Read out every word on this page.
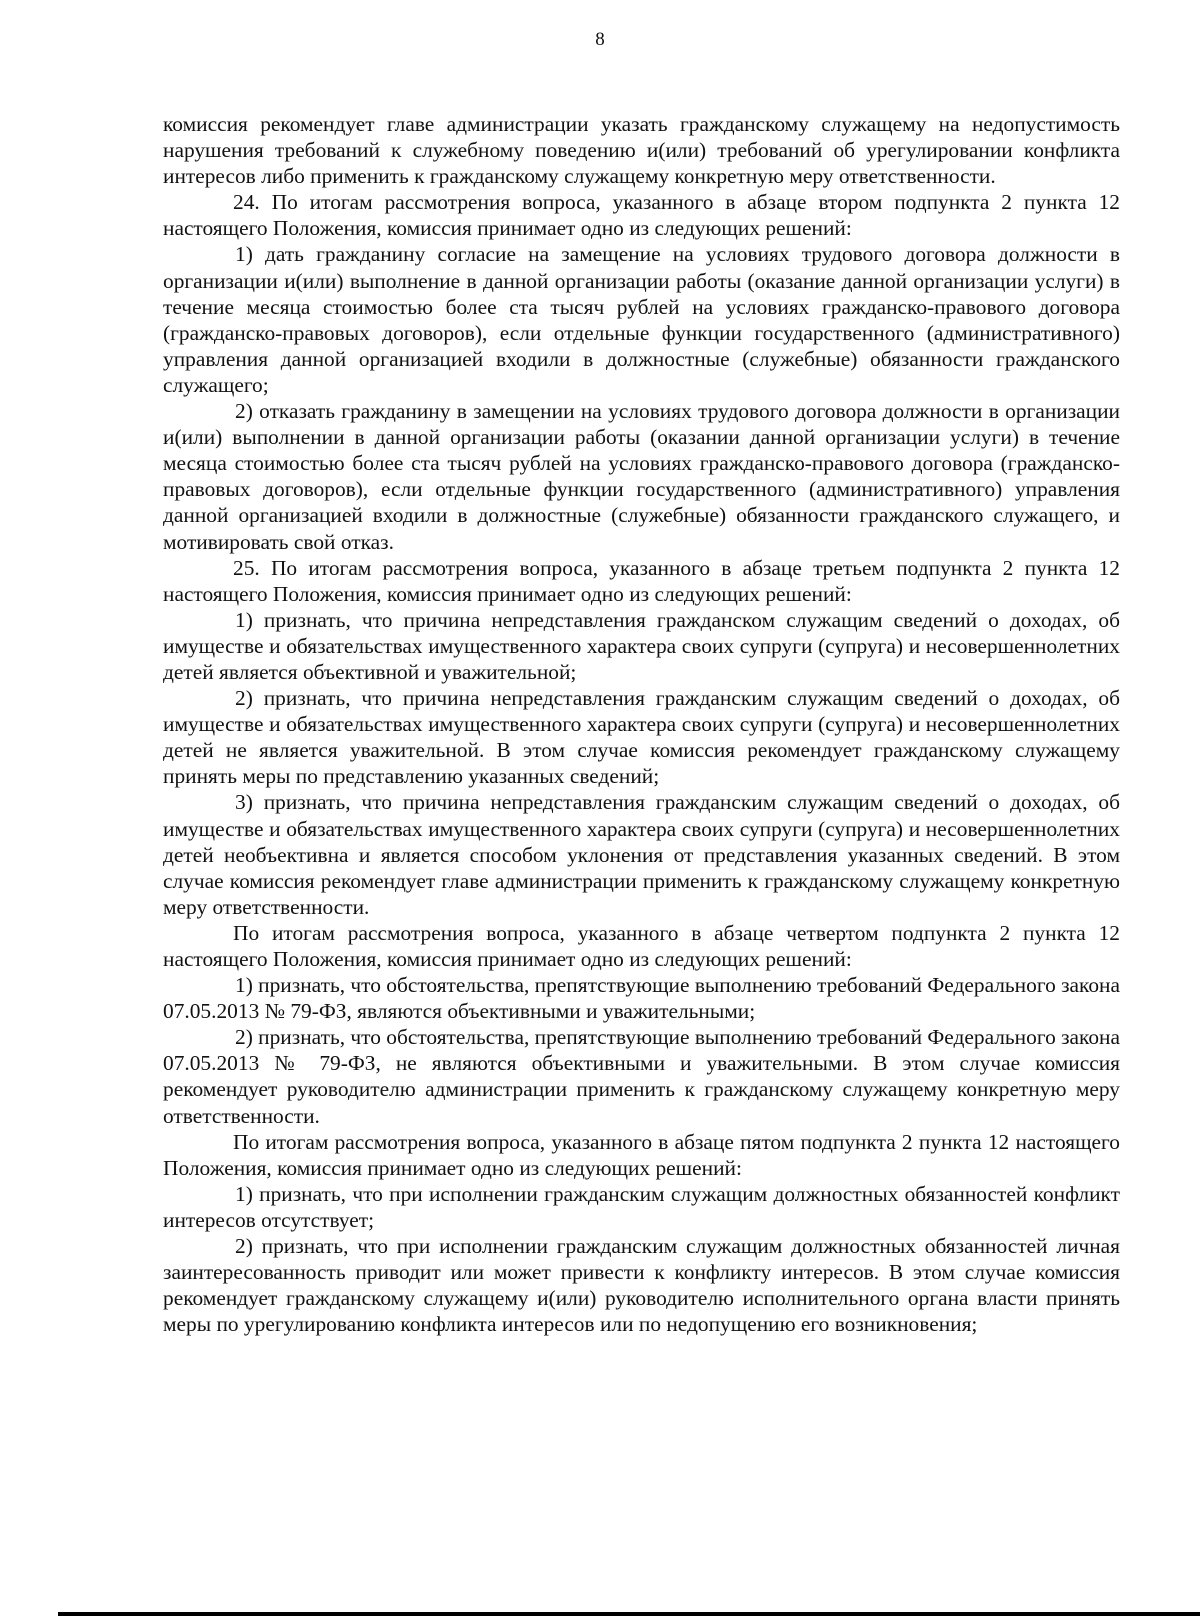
8

комиссия рекомендует главе администрации указать гражданскому служащему на недопустимость нарушения требований к служебному поведению и(или) требований об урегулировании конфликта интересов либо применить к гражданскому служащему конкретную меру ответственности.

24. По итогам рассмотрения вопроса, указанного в абзаце втором подпункта 2 пункта 12 настоящего Положения, комиссия принимает одно из следующих решений:

1) дать гражданину согласие на замещение на условиях трудового договора должности в организации и(или) выполнение в данной организации работы (оказание данной организации услуги) в течение месяца стоимостью более ста тысяч рублей на условиях гражданско-правового договора (гражданско-правовых договоров), если отдельные функции государственного (административного) управления данной организацией входили в должностные (служебные) обязанности гражданского служащего;

2) отказать гражданину в замещении на условиях трудового договора должности в организации и(или) выполнении в данной организации работы (оказании данной организации услуги) в течение месяца стоимостью более ста тысяч рублей на условиях гражданско-правового договора (гражданско-правовых договоров), если отдельные функции государственного (административного) управления данной организацией входили в должностные (служебные) обязанности гражданского служащего, и мотивировать свой отказ.

25. По итогам рассмотрения вопроса, указанного в абзаце третьем подпункта 2 пункта 12 настоящего Положения, комиссия принимает одно из следующих решений:

1) признать, что причина непредставления гражданском служащим сведений о доходах, об имуществе и обязательствах имущественного характера своих супруги (супруга) и несовершеннолетних детей является объективной и уважительной;

2) признать, что причина непредставления гражданским служащим сведений о доходах, об имуществе и обязательствах имущественного характера своих супруги (супруга) и несовершеннолетних детей не является уважительной. В этом случае комиссия рекомендует гражданскому служащему принять меры по представлению указанных сведений;

3) признать, что причина непредставления гражданским служащим сведений о доходах, об имуществе и обязательствах имущественного характера своих супруги (супруга) и несовершеннолетних детей необъективна и является способом уклонения от представления указанных сведений. В этом случае комиссия рекомендует главе администрации применить к гражданскому служащему конкретную меру ответственности.

По итогам рассмотрения вопроса, указанного в абзаце четвертом подпункта 2 пункта 12 настоящего Положения, комиссия принимает одно из следующих решений:

1) признать, что обстоятельства, препятствующие выполнению требований Федерального закона 07.05.2013 № 79-ФЗ, являются объективными и уважительными;

2) признать, что обстоятельства, препятствующие выполнению требований Федерального закона 07.05.2013 № 79-ФЗ, не являются объективными и уважительными. В этом случае комиссия рекомендует руководителю администрации применить к гражданскому служащему конкретную меру ответственности.

По итогам рассмотрения вопроса, указанного в абзаце пятом подпункта 2 пункта 12 настоящего Положения, комиссия принимает одно из следующих решений:

1) признать, что при исполнении гражданским служащим должностных обязанностей конфликт интересов отсутствует;

2) признать, что при исполнении гражданским служащим должностных обязанностей личная заинтересованность приводит или может привести к конфликту интересов. В этом случае комиссия рекомендует гражданскому служащему и(или) руководителю исполнительного органа власти принять меры по урегулированию конфликта интересов или по недопущению его возникновения;
